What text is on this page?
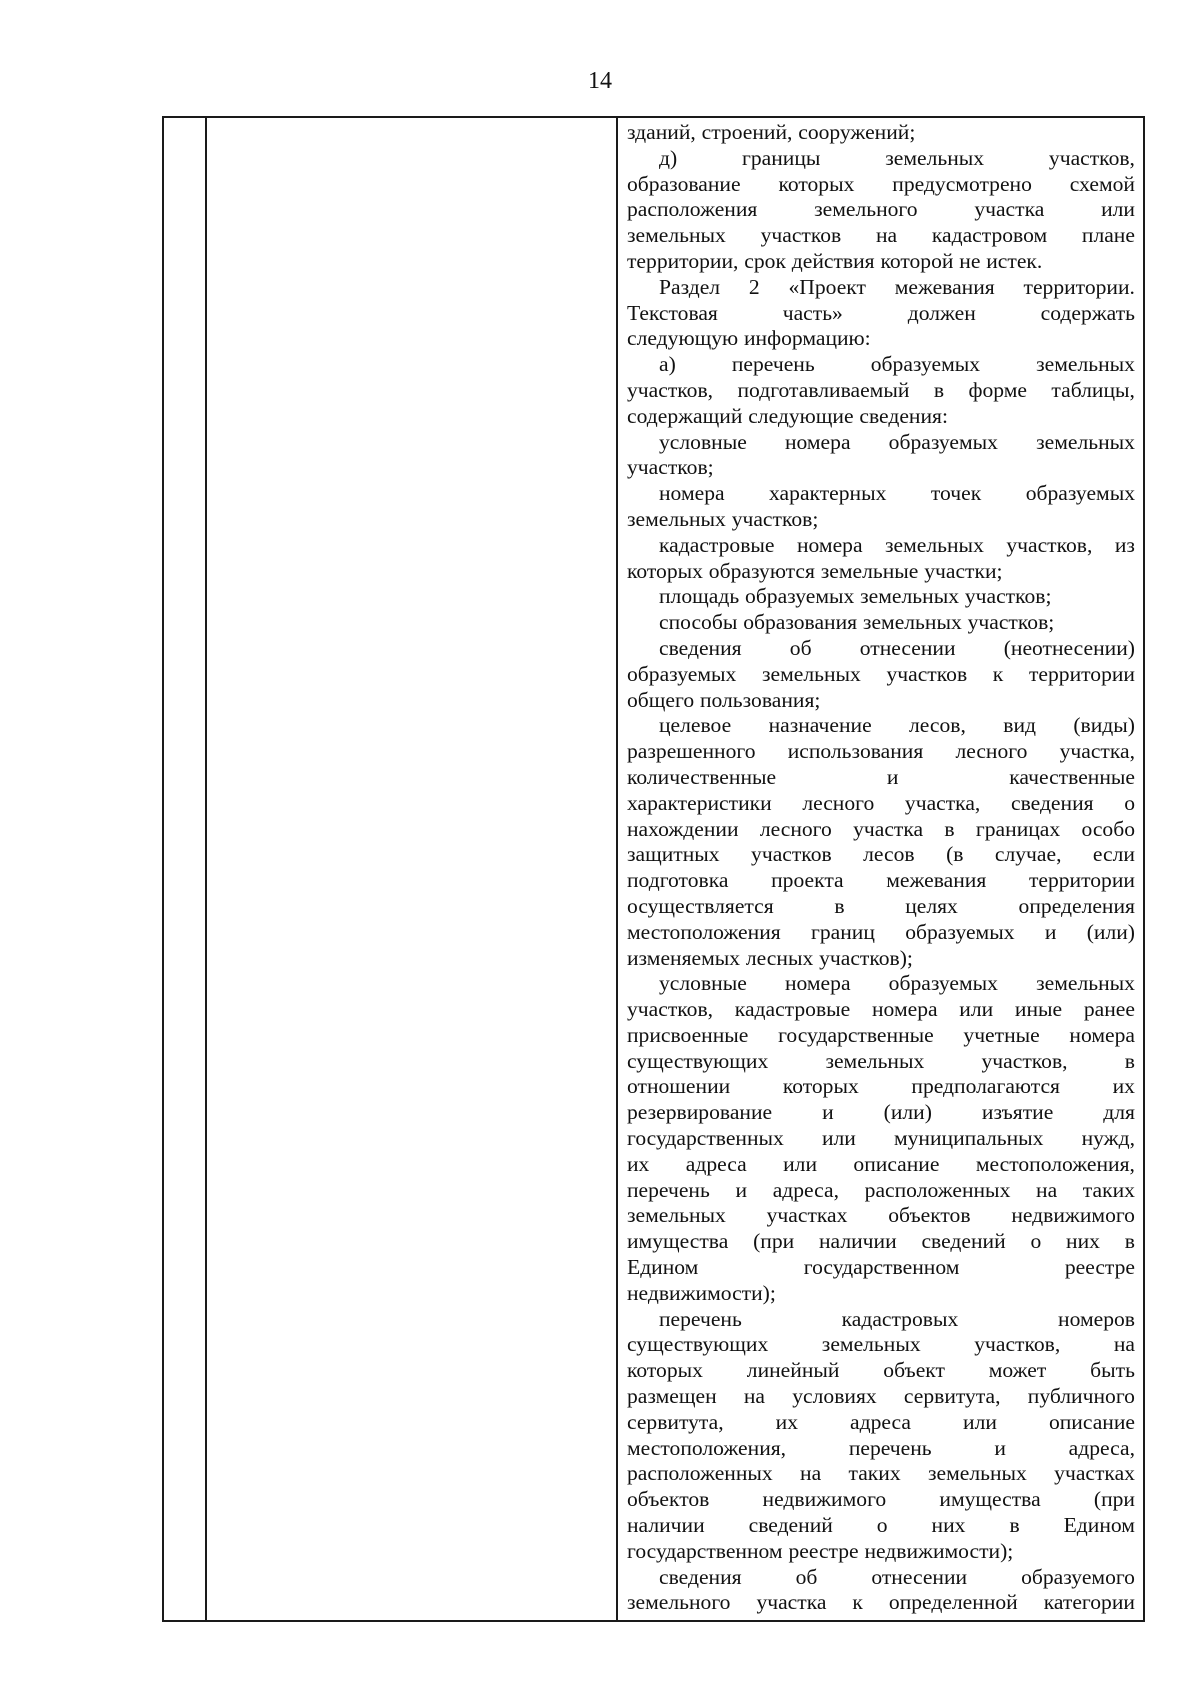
14
зданий, строений, сооружений;
д)	границы	земельных	участков,
образование которых предусмотрено схемой
расположения	земельного	участка	или
земельных участков на кадастровом плане
территории, срок действия которой не истек.
Раздел 2 «Проект межевания территории.
Текстовая	часть»	должен	содержать
следующую информацию:
а)	перечень	образуемых	земельных
участков, подготавливаемый в форме таблицы,
содержащий следующие сведения:
условные номера образуемых земельных
участков;
номера характерных точек образуемых
земельных участков;
кадастровые номера земельных участков, из
которых образуются земельные участки;
площадь образуемых земельных участков;
способы образования земельных участков;
сведения об отнесении (неотнесении)
образуемых земельных участков к территории
общего пользования;
целевое назначение лесов, вид (виды)
разрешенного использования лесного участка,
количественные	и	качественные
характеристики лесного участка, сведения о
нахождении лесного участка в границах особо
защитных участков лесов (в случае, если
подготовка проекта межевания территории
осуществляется	в	целях	определения
местоположения границ образуемых и (или)
изменяемых лесных участков);
условные номера образуемых земельных
участков, кадастровые номера или иные ранее
присвоенные государственные учетные номера
существующих	земельных	участков,	в
отношении которых предполагаются их
резервирование и (или) изъятие для
государственных или муниципальных нужд,
их адреса или описание местоположения,
перечень и адреса, расположенных на таких
земельных участках объектов недвижимого
имущества (при наличии сведений о них в
Едином	государственном	реестре
недвижимости);
перечень	кадастровых	номеров
существующих земельных участков, на
которых линейный объект может быть
размещен на условиях сервитута, публичного
сервитута, их адреса или описание
местоположения,	перечень	и	адреса,
расположенных на таких земельных участках
объектов недвижимого имущества (при
наличии сведений о них в Едином
государственном реестре недвижимости);
сведения об отнесении образуемого
земельного участка к определенной категории
